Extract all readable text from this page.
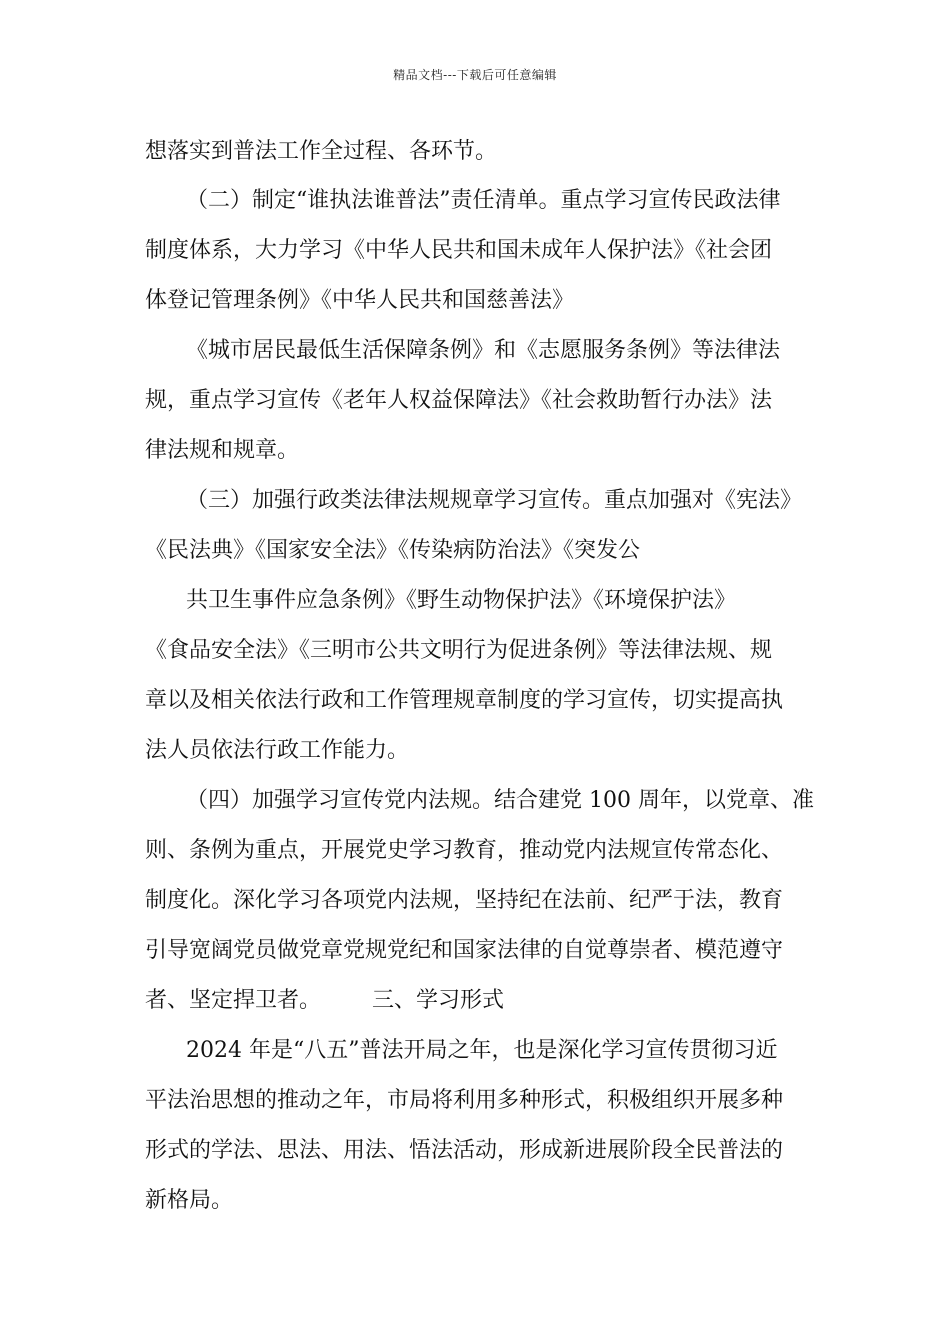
精品文档---下载后可任意编辑
想落实到普法工作全过程、各环节。
（二）制定“谁执法谁普法”责任清单。重点学习宣传民政法律
制度体系，大力学习《中华人民共和国未成年人保护法》《社会团
体登记管理条例》《中华人民共和国慈善法》
《城市居民最低生活保障条例》和《志愿服务条例》等法律法
规，重点学习宣传《老年人权益保障法》《社会救助暂行办法》法
律法规和规章。
（三）加强行政类法律法规规章学习宣传。重点加强对《宪法》
《民法典》《国家安全法》《传染病防治法》《突发公
共卫生事件应急条例》《野生动物保护法》《环境保护法》
《食品安全法》《三明市公共文明行为促进条例》等法律法规、规
章以及相关依法行政和工作管理规章制度的学习宣传，切实提高执
法人员依法行政工作能力。
（四）加强学习宣传党内法规。结合建党 100 周年，以党章、准
则、条例为重点，开展党史学习教育，推动党内法规宣传常态化、
制度化。深化学习各项党内法规，坚持纪在法前、纪严于法，教育
引导宽阔党员做党章党规党纪和国家法律的自觉尊崇者、模范遵守
者、坚定捍卫者。 三、学习形式
2024 年是“八五”普法开局之年，也是深化学习宣传贯彻习近
平法治思想的推动之年，市局将利用多种形式，积极组织开展多种
形式的学法、思法、用法、悟法活动，形成新进展阶段全民普法的
新格局。
